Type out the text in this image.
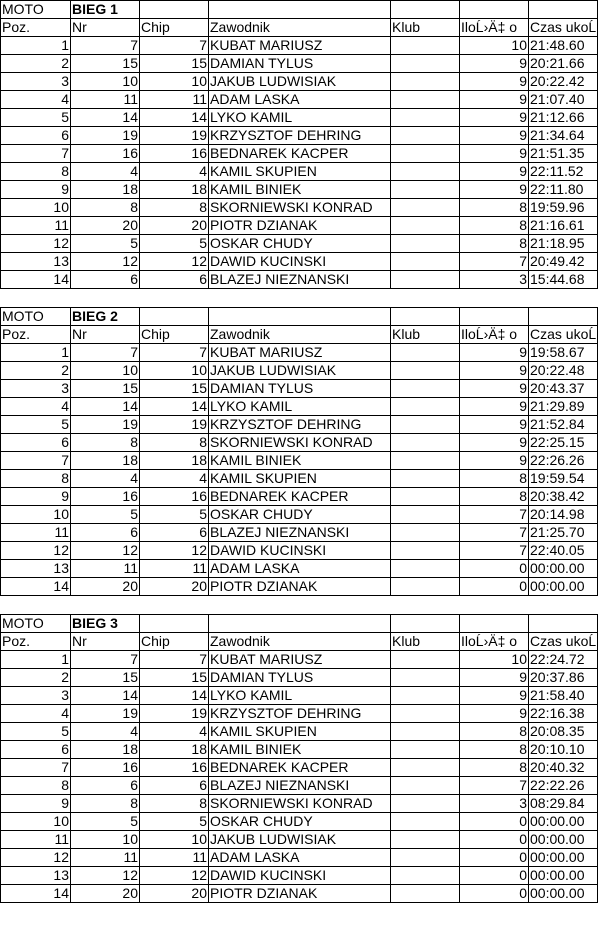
MOTO	BIEG 1					
Poz.	Nr	Chip	Zawodnik	Klub	IloĹ›Ä‡ o	Czas ukoĹ
1	7	7	KUBAT MARIUSZ		10	21:48.60
2	15	15	DAMIAN TYLUS		9	20:21.66
3	10	10	JAKUB LUDWISIAK		9	20:22.42
4	11	11	ADAM LASKA		9	21:07.40
5	14	14	LYKO KAMIL		9	21:12.66
6	19	19	KRZYSZTOF DEHRING		9	21:34.64
7	16	16	BEDNAREK KACPER		9	21:51.35
8	4	4	KAMIL SKUPIEN		9	22:11.52
9	18	18	KAMIL BINIEK		9	22:11.80
10	8	8	SKORNIEWSKI KONRAD		8	19:59.96
11	20	20	PIOTR DZIANAK		8	21:16.61
12	5	5	OSKAR CHUDY		8	21:18.95
13	12	12	DAWID KUCINSKI		7	20:49.42
14	6	6	BLAZEJ NIEZNANSKI		3	15:44.68
MOTO	BIEG 2					
Poz.	Nr	Chip	Zawodnik	Klub	IloĹ›Ä‡ o	Czas ukoĹ
1	7	7	KUBAT MARIUSZ		9	19:58.67
2	10	10	JAKUB LUDWISIAK		9	20:22.48
3	15	15	DAMIAN TYLUS		9	20:43.37
4	14	14	LYKO KAMIL		9	21:29.89
5	19	19	KRZYSZTOF DEHRING		9	21:52.84
6	8	8	SKORNIEWSKI KONRAD		9	22:25.15
7	18	18	KAMIL BINIEK		9	22:26.26
8	4	4	KAMIL SKUPIEN		8	19:59.54
9	16	16	BEDNAREK KACPER		8	20:38.42
10	5	5	OSKAR CHUDY		7	20:14.98
11	6	6	BLAZEJ NIEZNANSKI		7	21:25.70
12	12	12	DAWID KUCINSKI		7	22:40.05
13	11	11	ADAM LASKA		0	00:00.00
14	20	20	PIOTR DZIANAK		0	00:00.00
MOTO	BIEG 3					
Poz.	Nr	Chip	Zawodnik	Klub	IloĹ›Ä‡ o	Czas ukoĹ
1	7	7	KUBAT MARIUSZ		10	22:24.72
2	15	15	DAMIAN TYLUS		9	20:37.86
3	14	14	LYKO KAMIL		9	21:58.40
4	19	19	KRZYSZTOF DEHRING		9	22:16.38
5	4	4	KAMIL SKUPIEN		8	20:08.35
6	18	18	KAMIL BINIEK		8	20:10.10
7	16	16	BEDNAREK KACPER		8	20:40.32
8	6	6	BLAZEJ NIEZNANSKI		7	22:22.26
9	8	8	SKORNIEWSKI KONRAD		3	08:29.84
10	5	5	OSKAR CHUDY		0	00:00.00
11	10	10	JAKUB LUDWISIAK		0	00:00.00
12	11	11	ADAM LASKA		0	00:00.00
13	12	12	DAWID KUCINSKI		0	00:00.00
14	20	20	PIOTR DZIANAK		0	00:00.00
